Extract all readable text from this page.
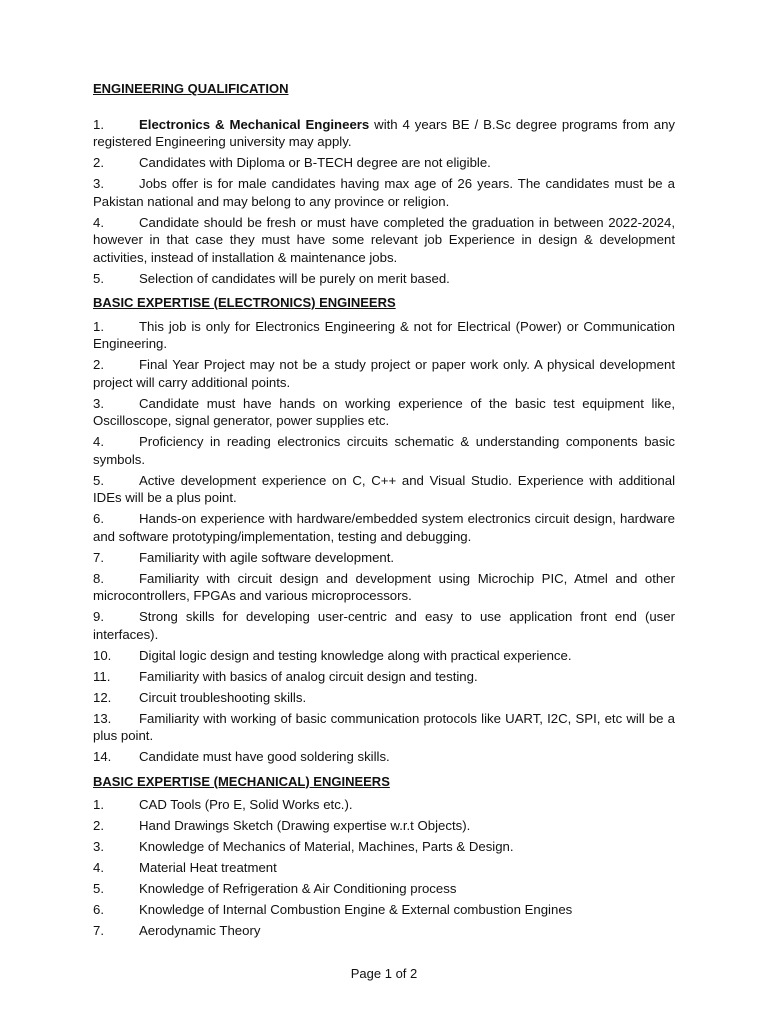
ENGINEERING QUALIFICATION

1.	Electronics & Mechanical Engineers with 4 years BE / B.Sc degree programs from any registered Engineering university may apply.

2.	Candidates with Diploma or B-TECH degree are not eligible.

3.	Jobs offer is for male candidates having max age of 26 years. The candidates must be a Pakistan national and may belong to any province or religion.

4.	Candidate should be fresh or must have completed the graduation in between 2022-2024, however in that case they must have some relevant job Experience in design & development activities, instead of installation & maintenance jobs.

5.	Selection of candidates will be purely on merit based.

BASIC EXPERTISE (ELECTRONICS) ENGINEERS

1.	This job is only for Electronics Engineering & not for Electrical (Power) or Communication Engineering.

2.	Final Year Project may not be a study project or paper work only. A physical development project will carry additional points.

3.	Candidate must have hands on working experience of the basic test equipment like, Oscilloscope, signal generator, power supplies etc.

4.	Proficiency in reading electronics circuits schematic & understanding components basic symbols.

5.	Active development experience on C, C++ and Visual Studio. Experience with additional IDEs will be a plus point.

6.	Hands-on experience with hardware/embedded system electronics circuit design, hardware and software prototyping/implementation, testing and debugging.

7.	Familiarity with agile software development.

8.	Familiarity with circuit design and development using Microchip PIC, Atmel and other microcontrollers, FPGAs and various microprocessors.

9.	Strong skills for developing user-centric and easy to use application front end (user interfaces).

10. Digital logic design and testing knowledge along with practical experience.

11. Familiarity with basics of analog circuit design and testing.

12. Circuit troubleshooting skills.

13. Familiarity with working of basic communication protocols like UART, I2C, SPI, etc will be a plus point.

14. Candidate must have good soldering skills.

BASIC EXPERTISE (MECHANICAL) ENGINEERS

1.	CAD Tools (Pro E, Solid Works etc.).

2.	Hand Drawings Sketch (Drawing expertise w.r.t Objects).

3.	Knowledge of Mechanics of Material, Machines, Parts & Design.

4.	Material Heat treatment

5.	Knowledge of Refrigeration & Air Conditioning process

6.	Knowledge of Internal Combustion Engine & External combustion Engines

7.	Aerodynamic Theory

Page 1 of 2
